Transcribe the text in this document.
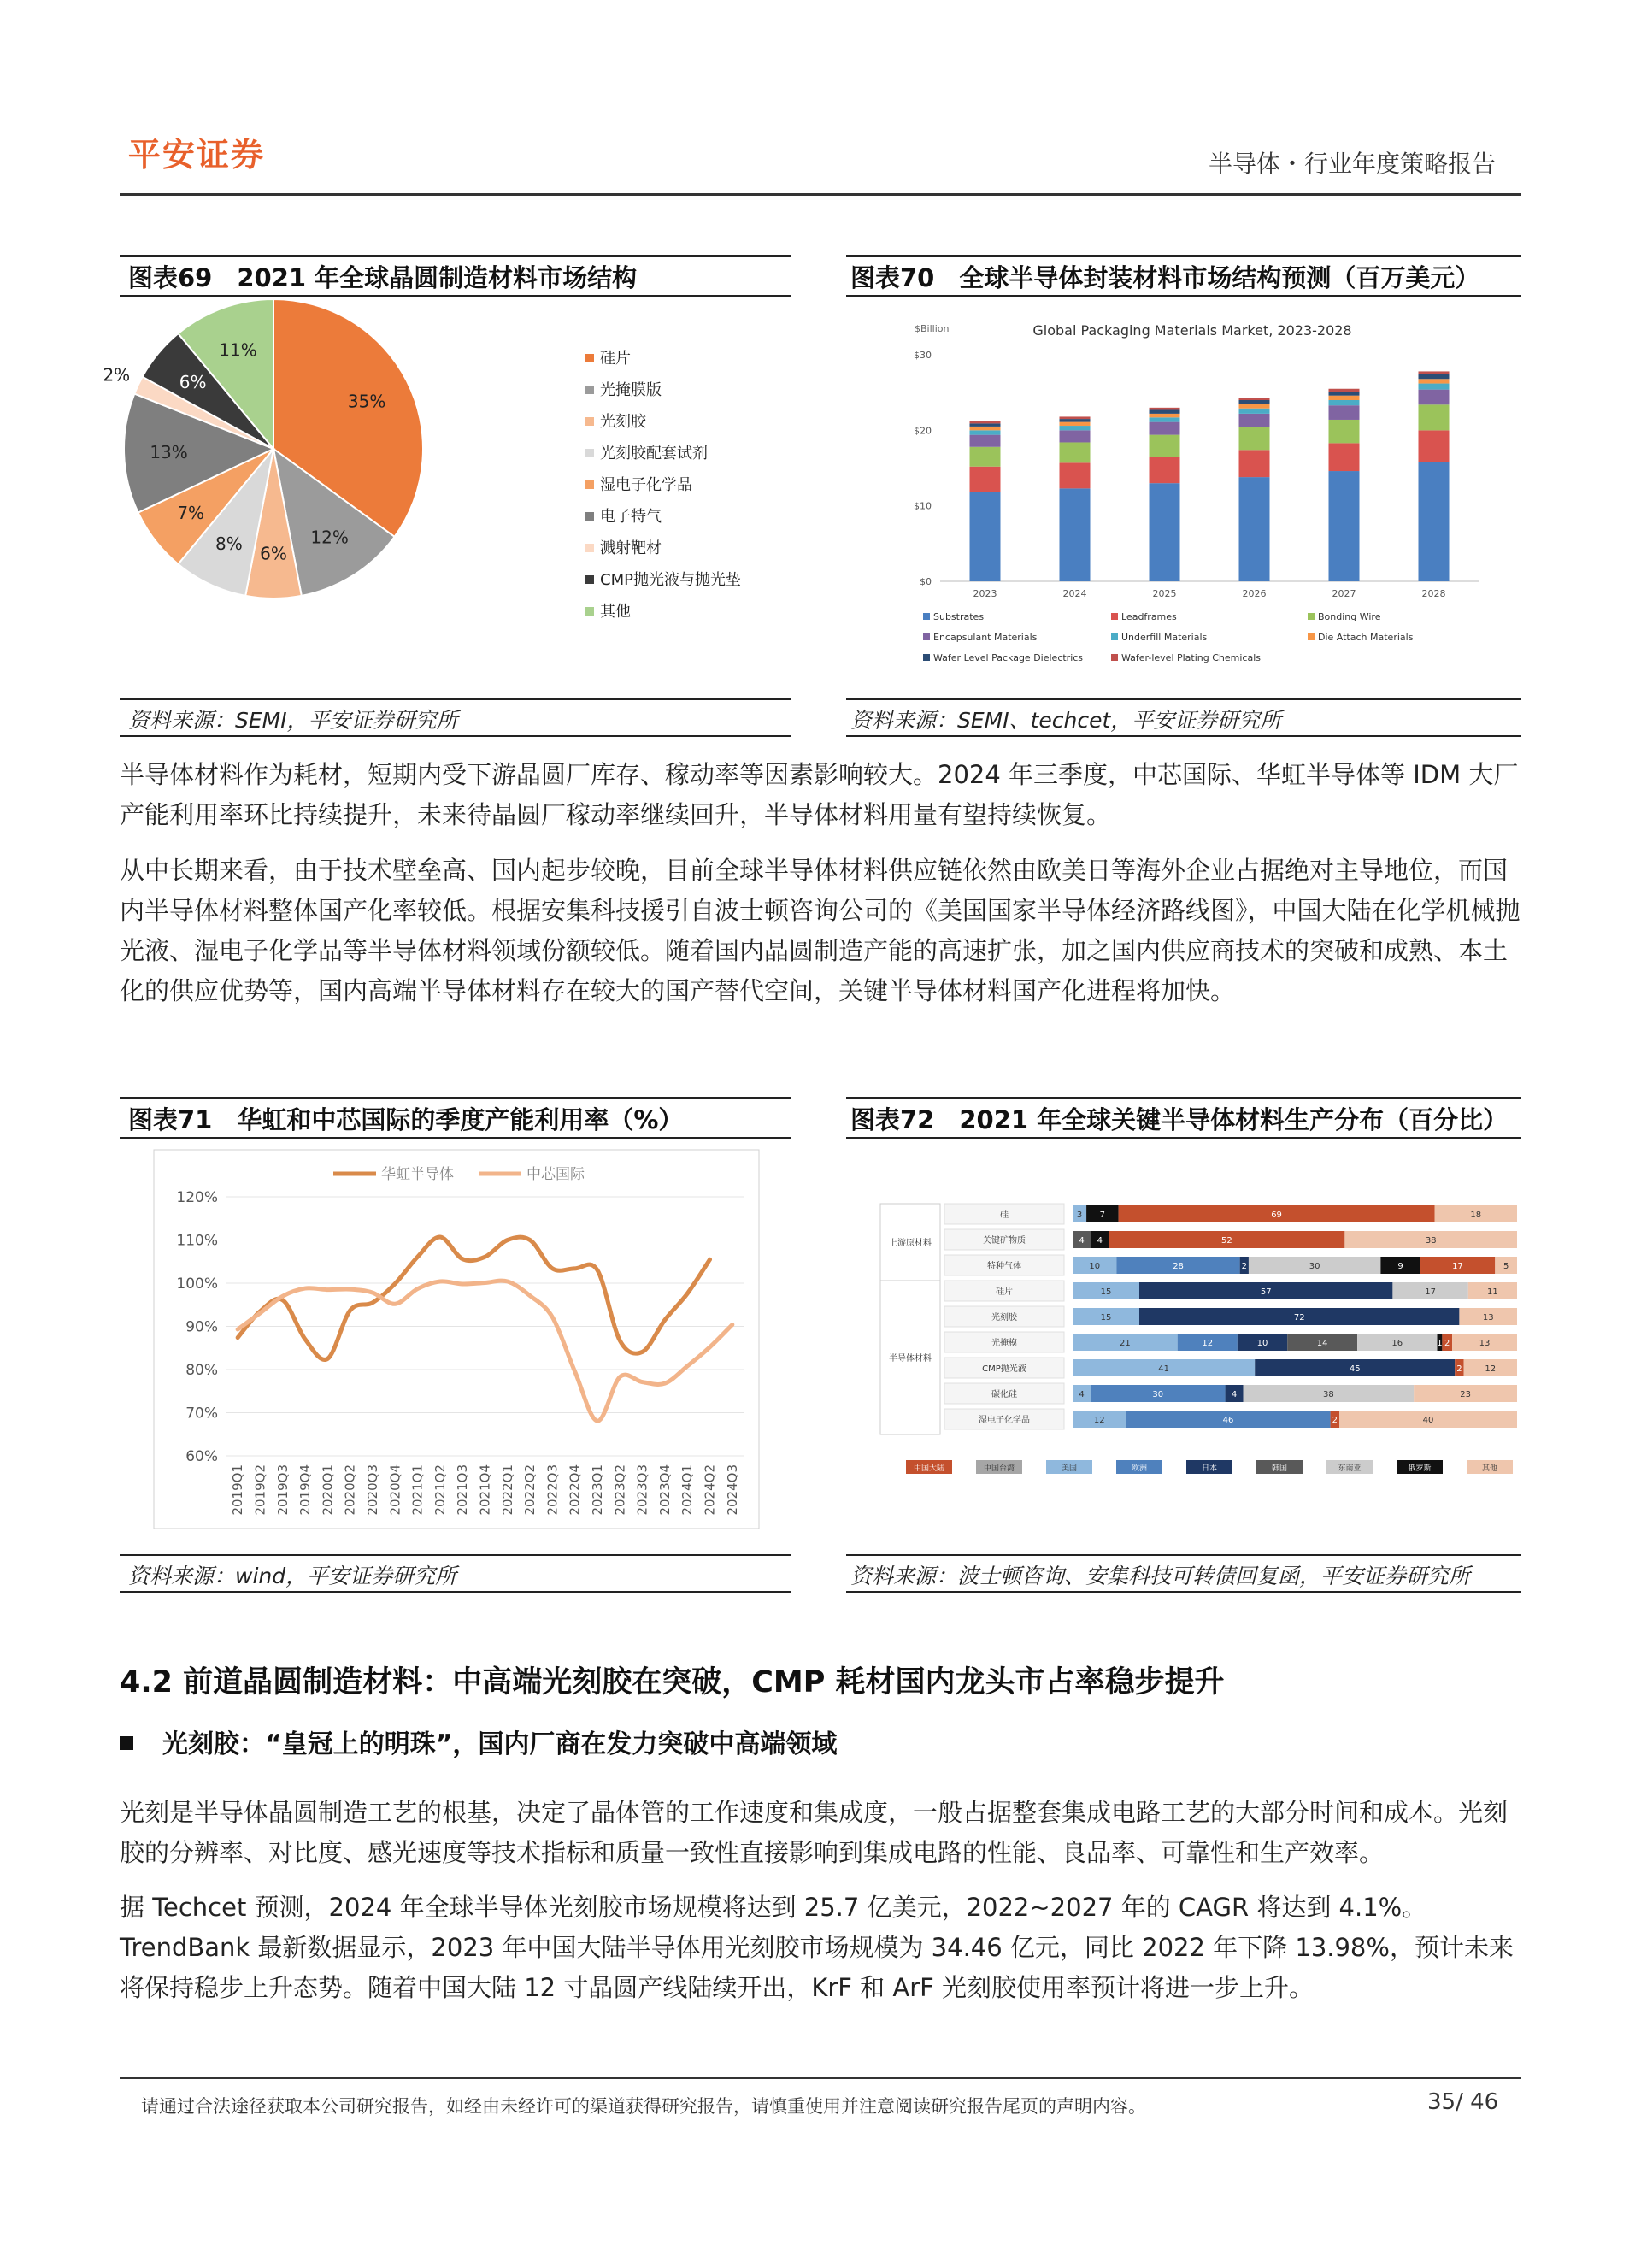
平安证券	半导体・行业年度策略报告
图表69　2021 年全球晶圆制造材料市场结构
35%
12%
6%
8%
7%
13%
2%	6%
11%	硅片
光掩膜版
光刻胶
光刻胶配套试剂
湿电子化学品
电子特气
溅射靶材
CMP抛光液与抛光垫
其他
资料来源：SEMI，平安证券研究所
图表70　全球半导体封装材料市场结构预测（百万美元）
Global Packaging Materials Market, 2023-2028
$Billion
$0
$10
$20
$30
2023	2024	2025	2026	2027	2028
Substrates	Leadframes	Bonding Wire
Encapsulant Materials	Underfill Materials	Die Attach Materials
Wafer Level Package Dielectrics	Wafer-level Plating Chemicals
资料来源：SEMI、techcet，平安证券研究所
半导体材料作为耗材，短期内受下游晶圆厂库存、稼动率等因素影响较大。2024 年三季度，中芯国际、华虹半导体等 IDM 大厂产能利用率环比持续提升，未来待晶圆厂稼动率继续回升，半导体材料用量有望持续恢复。
从中长期来看，由于技术壁垒高、国内起步较晚，目前全球半导体材料供应链依然由欧美日等海外企业占据绝对主导地位，而国内半导体材料整体国产化率较低。根据安集科技援引自波士顿咨询公司的《美国国家半导体经济路线图》，中国大陆在化学机械抛光液、湿电子化学品等半导体材料领域份额较低。随着国内晶圆制造产能的高速扩张，加之国内供应商技术的突破和成熟、本土化的供应优势等，国内高端半导体材料存在较大的国产替代空间，关键半导体材料国产化进程将加快。
图表71　华虹和中芯国际的季度产能利用率（%）
60%
70%
80%
90%
100%
110%
120%
2019Q1 2019Q2 2019Q3 2019Q4 2020Q1 2020Q2 2020Q3 2020Q4 2021Q1 2021Q2 2021Q3 2021Q4 2022Q1 2022Q2 2022Q3 2022Q4 2023Q1 2023Q2 2023Q3 2023Q4 2024Q1 2024Q2 2024Q3
华虹半导体	中芯国际
资料来源：wind，平安证券研究所
图表72　2021 年全球关键半导体材料生产分布（百分比）
上游原材料
半导体材料
硅	3 7	69	18
关键矿物质	4 4	52	38
特种气体	10	28	2	30	9	17	5
硅片	15	57	17	11
光刻胶	15	72	13
光掩模	21	12	10	14	16	1 2	13
CMP抛光液	41	45	2	12
碳化硅	4	30	4	38	23
湿电子化学品	12	46	2	40
中国大陆	中国台湾	美国	欧洲	日本	韩国	东南亚	俄罗斯	其他
资料来源：波士顿咨询、安集科技可转债回复函，平安证券研究所
4.2 前道晶圆制造材料：中高端光刻胶在突破，CMP 耗材国内龙头市占率稳步提升
光刻胶：“皇冠上的明珠”，国内厂商在发力突破中高端领域
光刻是半导体晶圆制造工艺的根基，决定了晶体管的工作速度和集成度，一般占据整套集成电路工艺的大部分时间和成本。光刻胶的分辨率、对比度、感光速度等技术指标和质量一致性直接影响到集成电路的性能、良品率、可靠性和生产效率。
据 Techcet 预测，2024 年全球半导体光刻胶市场规模将达到 25.7 亿美元，2022~2027 年的 CAGR 将达到 4.1%。TrendBank 最新数据显示，2023 年中国大陆半导体用光刻胶市场规模为 34.46 亿元，同比 2022 年下降 13.98%，预计未来将保持稳步上升态势。随着中国大陆 12 寸晶圆产线陆续开出，KrF 和 ArF 光刻胶使用率预计将进一步上升。
请通过合法途径获取本公司研究报告，如经由未经许可的渠道获得研究报告，请慎重使用并注意阅读研究报告尾页的声明内容。	35/ 46
